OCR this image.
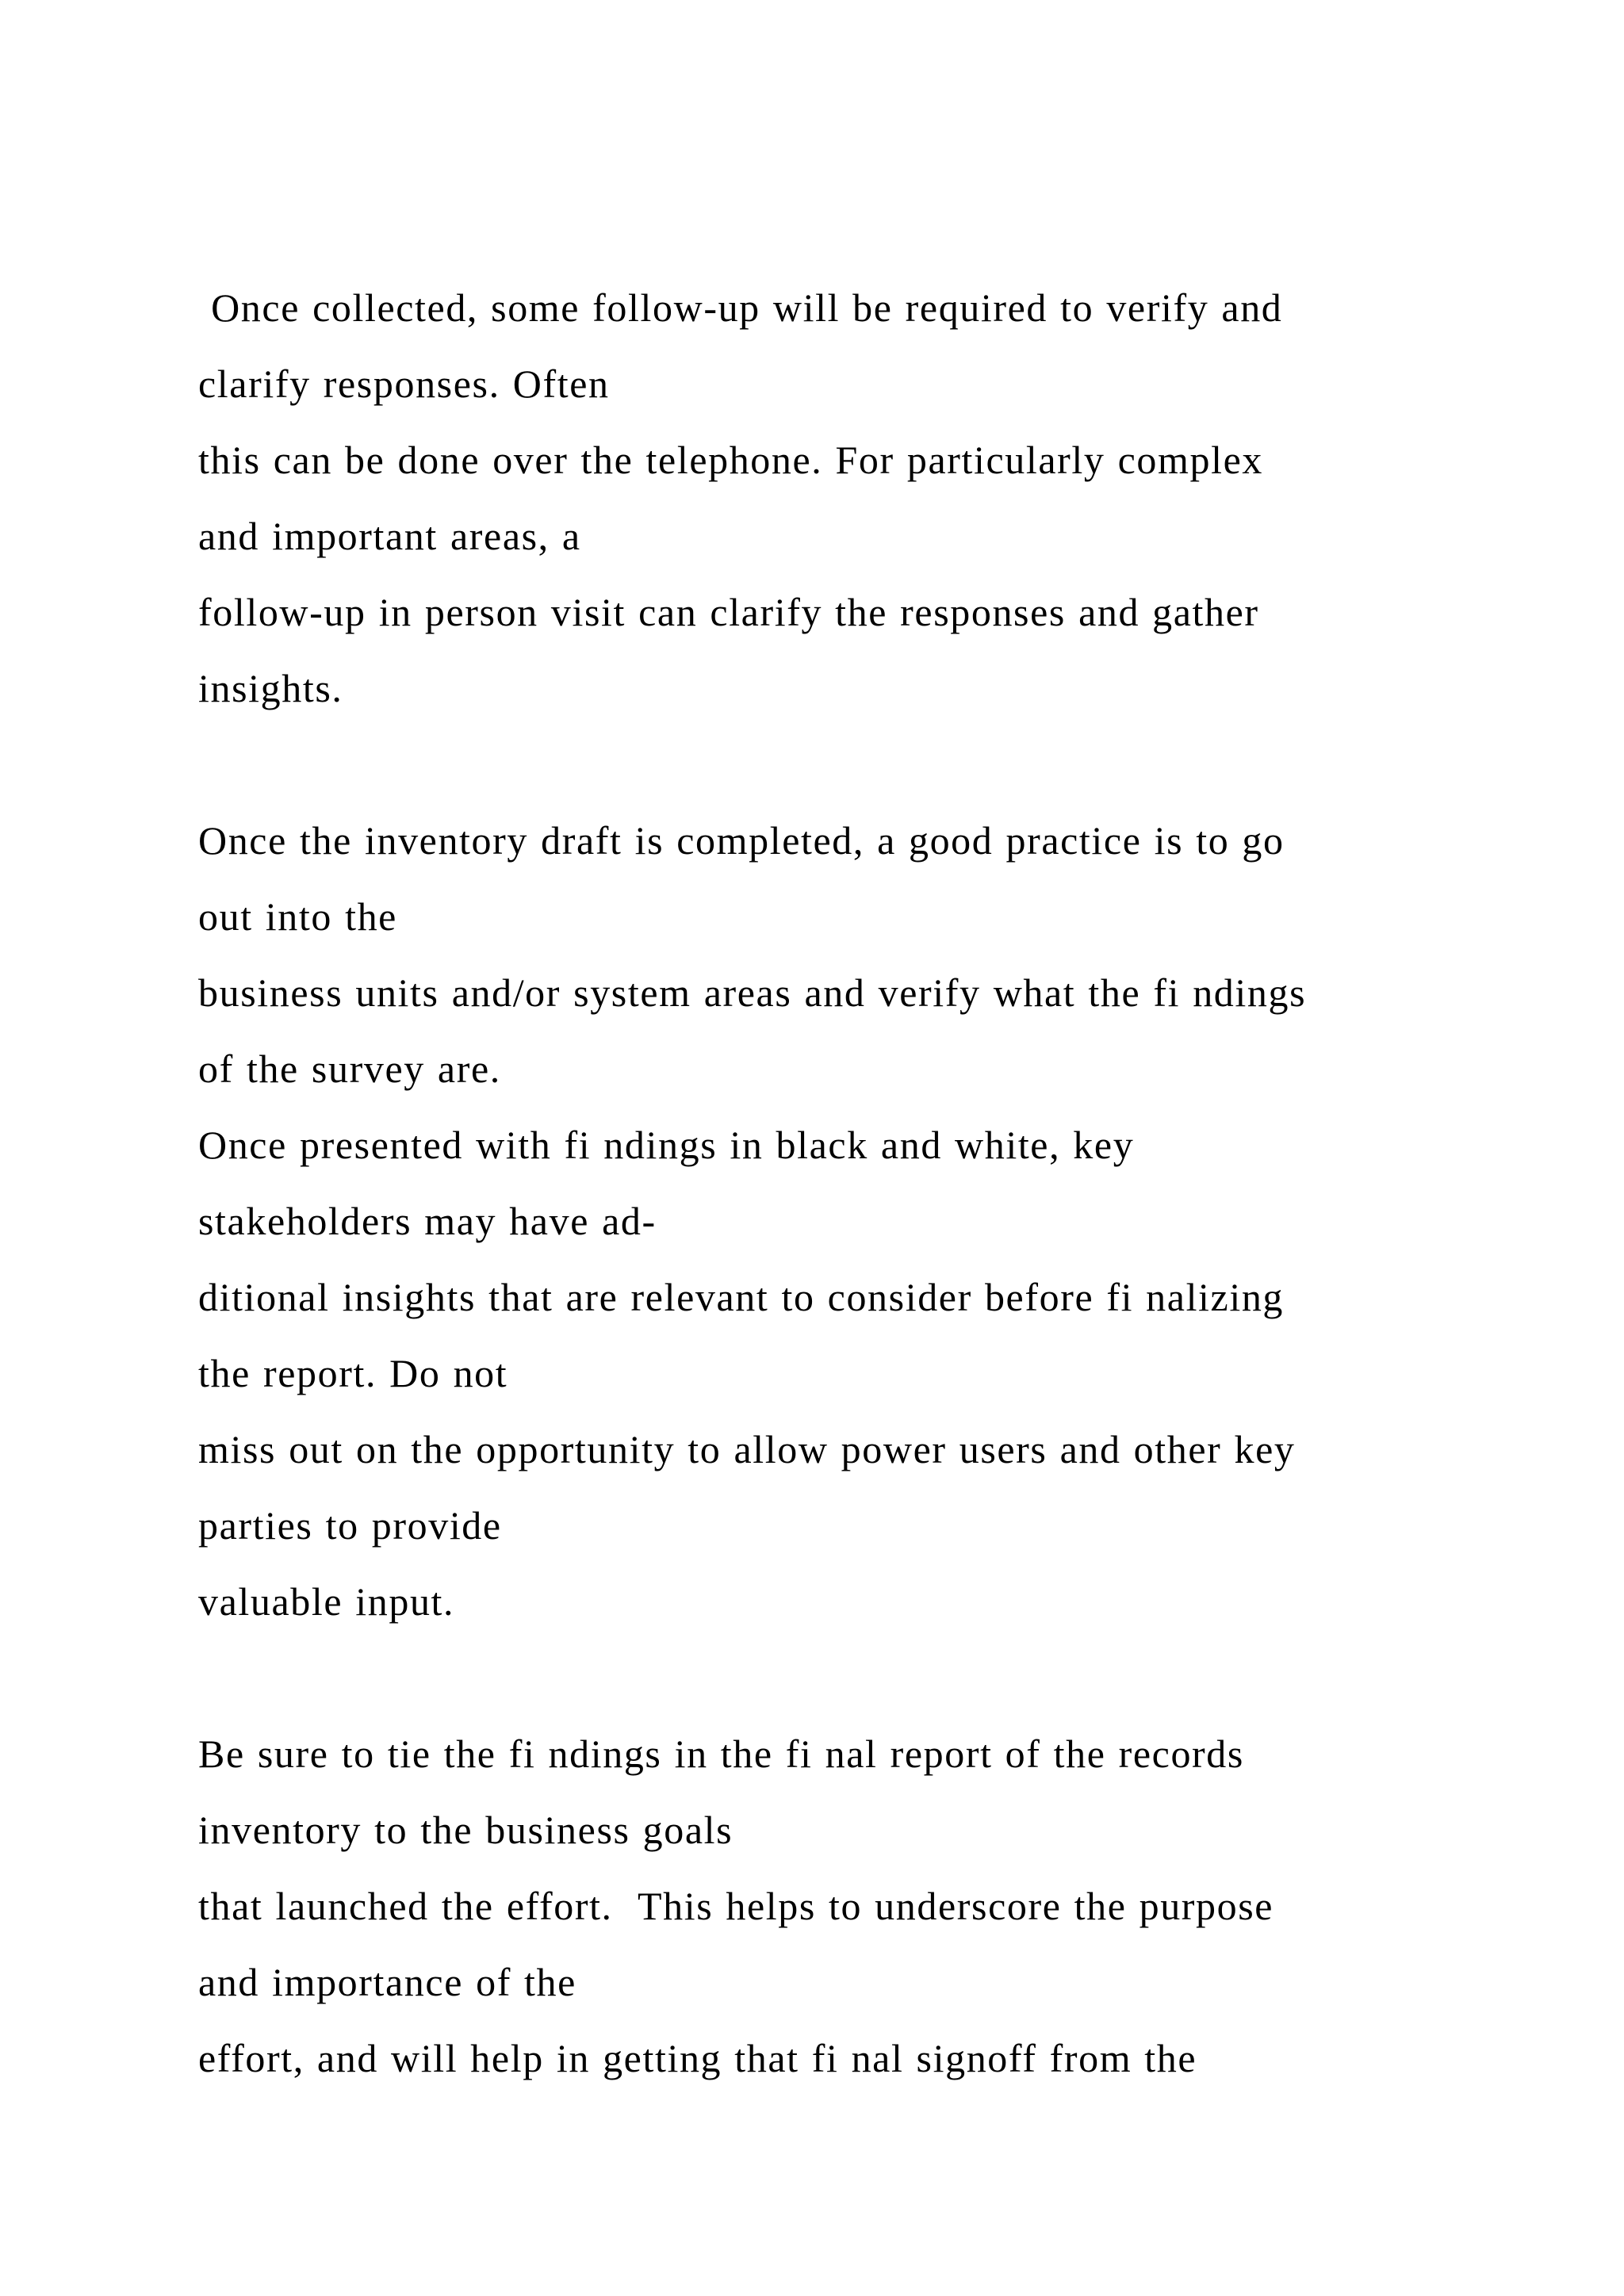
Once collected, some follow-up will be required to verify and
clarify responses. Often
this can be done over the telephone. For particularly complex
and important areas, a
follow-up in person visit can clarify the responses and gather
insights.
Once the inventory draft is completed, a good practice is to go
out into the
business units and/or system areas and verify what the fi ndings
of the survey are.
Once presented with fi ndings in black and white, key
stakeholders may have ad-
ditional insights that are relevant to consider before fi nalizing
the report. Do not
miss out on the opportunity to allow power users and other key
parties to provide
valuable input.
Be sure to tie the fi ndings in the fi nal report of the records
inventory to the business goals
that launched the effort.  This helps to underscore the purpose
and importance of the
effort, and will help in getting that fi nal signoff from the
